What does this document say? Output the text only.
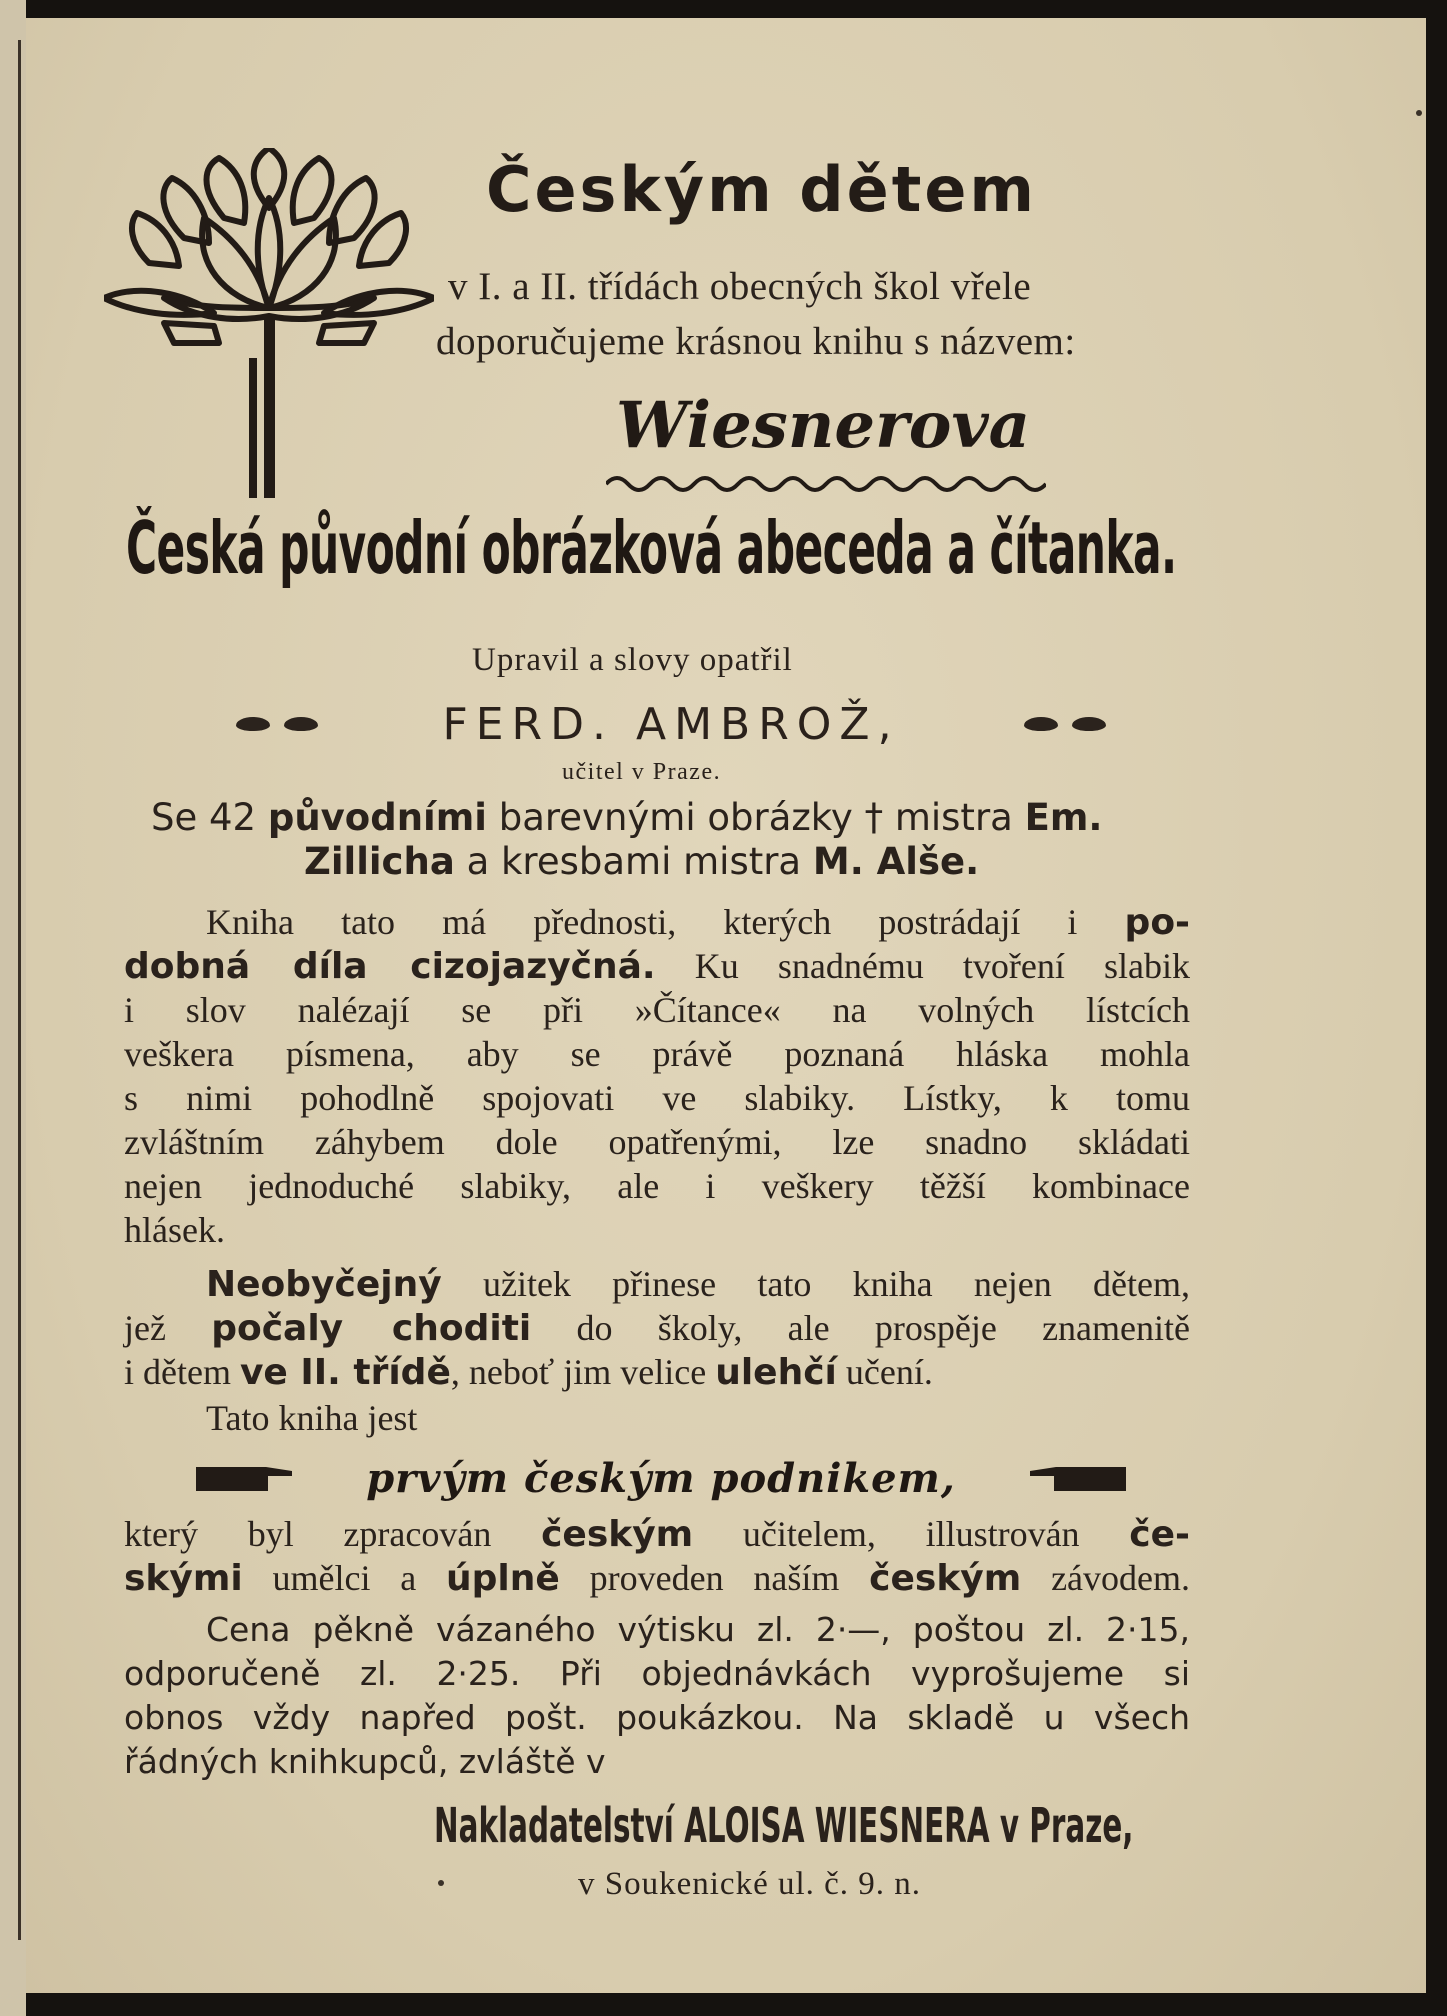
Českým dětem
v I. a II. třídách obecných škol vřele
doporučujeme krásnou knihu s názvem:
Wiesnerova
Česká původní obrázková abeceda a čítanka.
Upravil a slovy opatřil
FERD. AMBROŽ,
učitel v Praze.
Se 42 původními barevnými obrázky † mistra Em.
Zillicha a kresbami mistra M. Alše.
Kniha tato má přednosti, kterých postrádají i po-
dobná díla cizojazyčná. Ku snadnému tvoření slabik
i slov nalézají se při »Čítance« na volných lístcích
veškera písmena, aby se právě poznaná hláska mohla
s nimi pohodlně spojovati ve slabiky. Lístky, k tomu
zvláštním záhybem dole opatřenými, lze snadno skládati
nejen jednoduché slabiky, ale i veškery těžší kombinace
hlásek.
Neobyčejný užitek přinese tato kniha nejen dětem,
jež počaly choditi do školy, ale prospěje znamenitě
i dětem ve II. třídě, neboť jim velice ulehčí učení.
Tato kniha jest
prvým českým podnikem,
který byl zpracován českým učitelem, illustrován če-
skými umělci a úplně proveden naším českým závodem.
Cena pěkně vázaného výtisku zl. 2·—, poštou zl. 2·15,
odporučeně zl. 2·25. Při objednávkách vyprošujeme si
obnos vždy napřed pošt. poukázkou. Na skladě u všech
řádných knihkupců, zvláště v
Nakladatelství ALOISA WIESNERA v Praze,
v Soukenické ul. č. 9. n.
